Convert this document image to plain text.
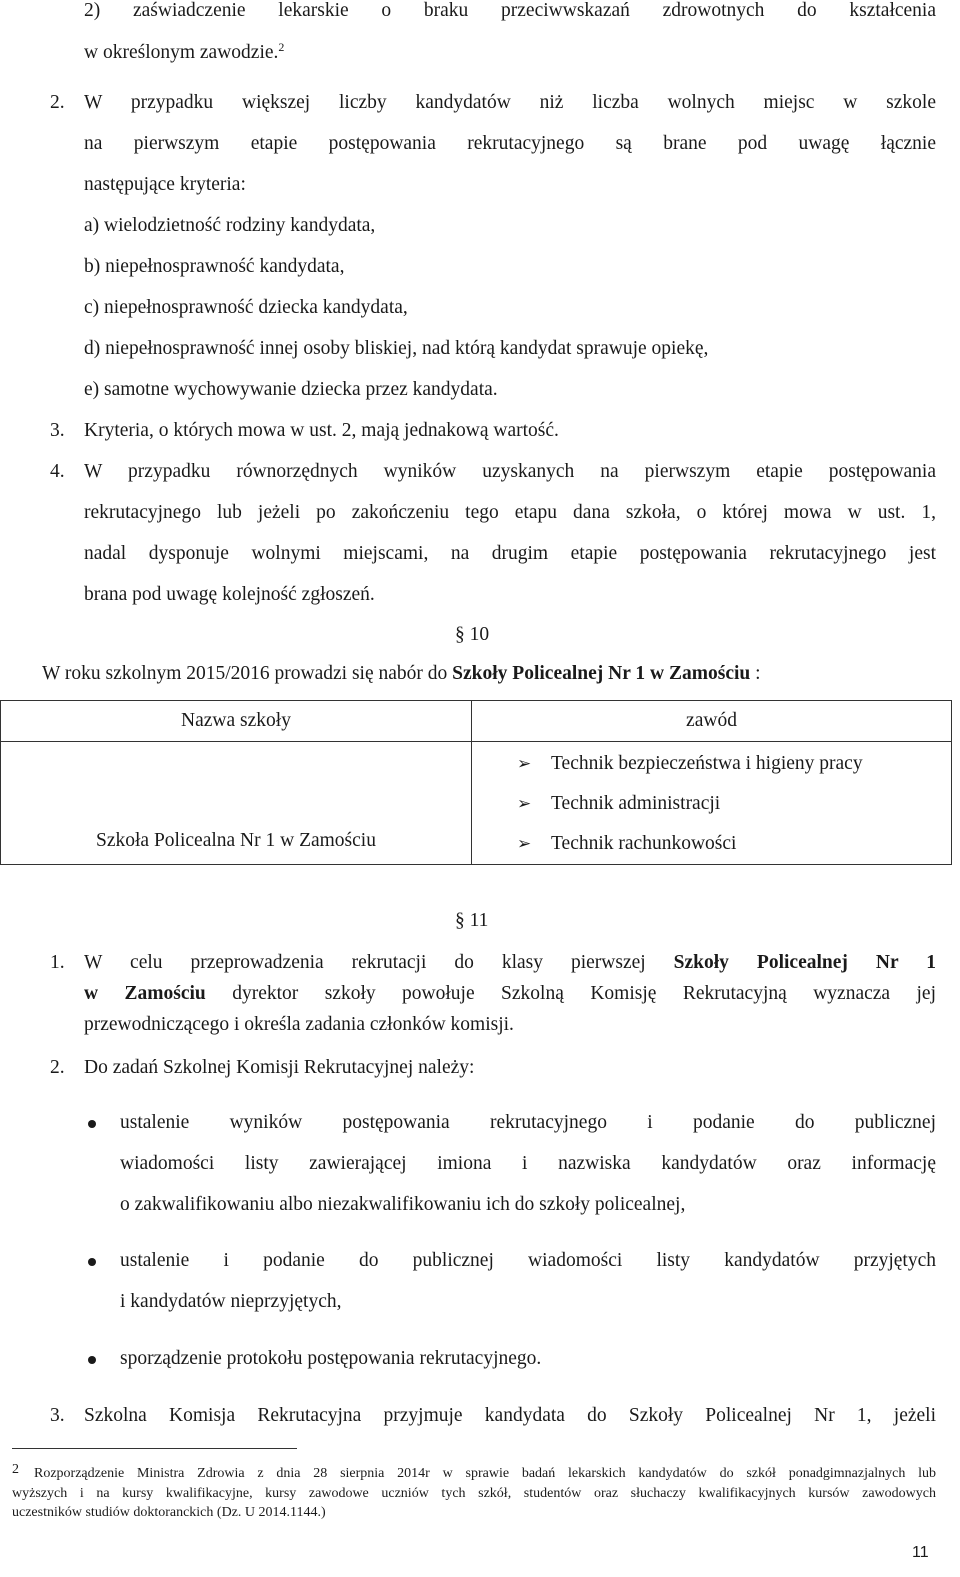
2) zaświadczenie lekarskie o braku przeciwwskazań zdrowotnych do kształcenia
w określonym zawodzie.$^2$
2. W przypadku większej liczby kandydatów niż liczba wolnych miejsc w szkole
na pierwszym etapie postępowania rekrutacyjnego są brane pod uwagę łącznie
następujące kryteria:
a) wielodzietność rodziny kandydata,
b) niepełnosprawność kandydata,
c) niepełnosprawność dziecka kandydata,
d) niepełnosprawność innej osoby bliskiej, nad którą kandydat sprawuje opiekę,
e) samotne wychowywanie dziecka przez kandydata.
3. Kryteria, o których mowa w ust. 2, mają jednakową wartość.
4. W przypadku równorzędnych wyników uzyskanych na pierwszym etapie postępowania
rekrutacyjnego lub jeżeli po zakończeniu tego etapu dana szkoła, o której mowa w ust. 1,
nadal dysponuje wolnymi miejscami, na drugim etapie postępowania rekrutacyjnego jest
brana pod uwagę kolejność zgłoszeń.
§ 10
W roku szkolnym 2015/2016 prowadzi się nabór do Szkoły Policealnej Nr 1 w Zamościu :
Nazwa szkoły	zawód

Szkoła Policealna Nr 1 w Zamościu	➢ Technik bezpieczeństwa i higieny pracy
➢ Technik administracji
➢ Technik rachunkowości
§ 11
1. W celu przeprowadzenia rekrutacji do klasy pierwszej Szkoły Policealnej Nr 1
w Zamościu dyrektor szkoły powołuje Szkolną Komisję Rekrutacyjną wyznacza jej
przewodniczącego i określa zadania członków komisji.
2. Do zadań Szkolnej Komisji Rekrutacyjnej należy:
ustalenie wyników postępowania rekrutacyjnego i podanie do publicznej
wiadomości listy zawierającej imiona i nazwiska kandydatów oraz informację
o zakwalifikowaniu albo niezakwalifikowaniu ich do szkoły policealnej,
ustalenie i podanie do publicznej wiadomości listy kandydatów przyjętych
i kandydatów nieprzyjętych,
sporządzenie protokołu postępowania rekrutacyjnego.
3. Szkolna Komisja Rekrutacyjna przyjmuje kandydata do Szkoły Policealnej Nr 1, jeżeli
2 Rozporządzenie Ministra Zdrowia z dnia 28 sierpnia 2014r w sprawie badań lekarskich kandydatów do szkół ponadgimnazjalnych lub
wyższych i na kursy kwalifikacyjne, kursy zawodowe uczniów tych szkół, studentów oraz słuchaczy kwalifikacyjnych kursów zawodowych
uczestników studiów doktoranckich (Dz. U 2014.1144.)
11
